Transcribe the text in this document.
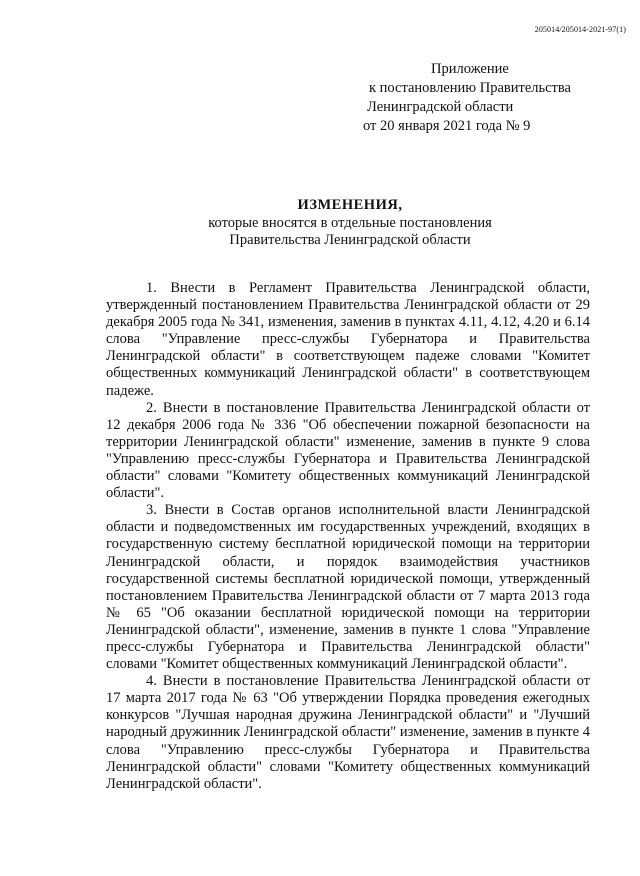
205014/205014-2021-97(1)
Приложение
к постановлению Правительства
Ленинградской области
от 20 января 2021 года № 9
ИЗМЕНЕНИЯ,
которые вносятся в отдельные постановления
Правительства Ленинградской области

1. Внести в Регламент Правительства Ленинградской области, утвержденный постановлением Правительства Ленинградской области от 29 декабря 2005 года № 341, изменения, заменив в пунктах 4.11, 4.12, 4.20 и 6.14 слова "Управление пресс-службы Губернатора и Правительства Ленинградской области" в соответствующем падеже словами "Комитет общественных коммуникаций Ленинградской области" в соответствующем падеже.

2. Внести в постановление Правительства Ленинградской области от 12 декабря 2006 года № 336 "Об обеспечении пожарной безопасности на территории Ленинградской области" изменение, заменив в пункте 9 слова "Управлению пресс-службы Губернатора и Правительства Ленинградской области" словами "Комитету общественных коммуникаций Ленинградской области".

3. Внести в Состав органов исполнительной власти Ленинградской области и подведомственных им государственных учреждений, входящих в государственную систему бесплатной юридической помощи на территории Ленинградской области, и порядок взаимодействия участников государственной системы бесплатной юридической помощи, утвержденный постановлением Правительства Ленинградской области от 7 марта 2013 года № 65 "Об оказании бесплатной юридической помощи на территории Ленинградской области", изменение, заменив в пункте 1 слова "Управление пресс-службы Губернатора и Правительства Ленинградской области" словами "Комитет общественных коммуникаций Ленинградской области".

4. Внести в постановление Правительства Ленинградской области от 17 марта 2017 года № 63 "Об утверждении Порядка проведения ежегодных конкурсов "Лучшая народная дружина Ленинградской области" и "Лучший народный дружинник Ленинградской области" изменение, заменив в пункте 4 слова "Управлению пресс-службы Губернатора и Правительства Ленинградской области" словами "Комитету общественных коммуникаций Ленинградской области".
